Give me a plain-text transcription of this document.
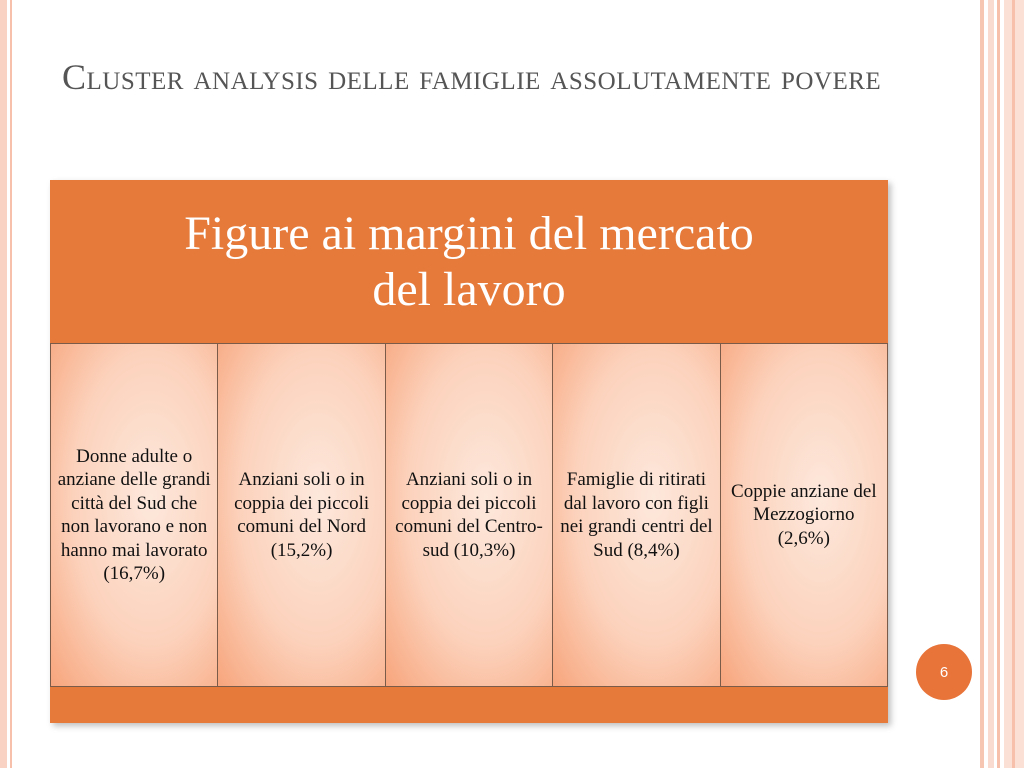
Cluster analysis delle famiglie assolutamente povere
Figure ai margini del mercato del lavoro
Donne adulte o anziane delle grandi città del Sud che non lavorano e non hanno mai lavorato (16,7%)
Anziani soli o in coppia dei piccoli comuni del Nord (15,2%)
Anziani soli o in coppia dei piccoli comuni del Centro-sud (10,3%)
Famiglie di ritirati dal lavoro con figli nei grandi centri del Sud (8,4%)
Coppie anziane del Mezzogiorno (2,6%)
6
